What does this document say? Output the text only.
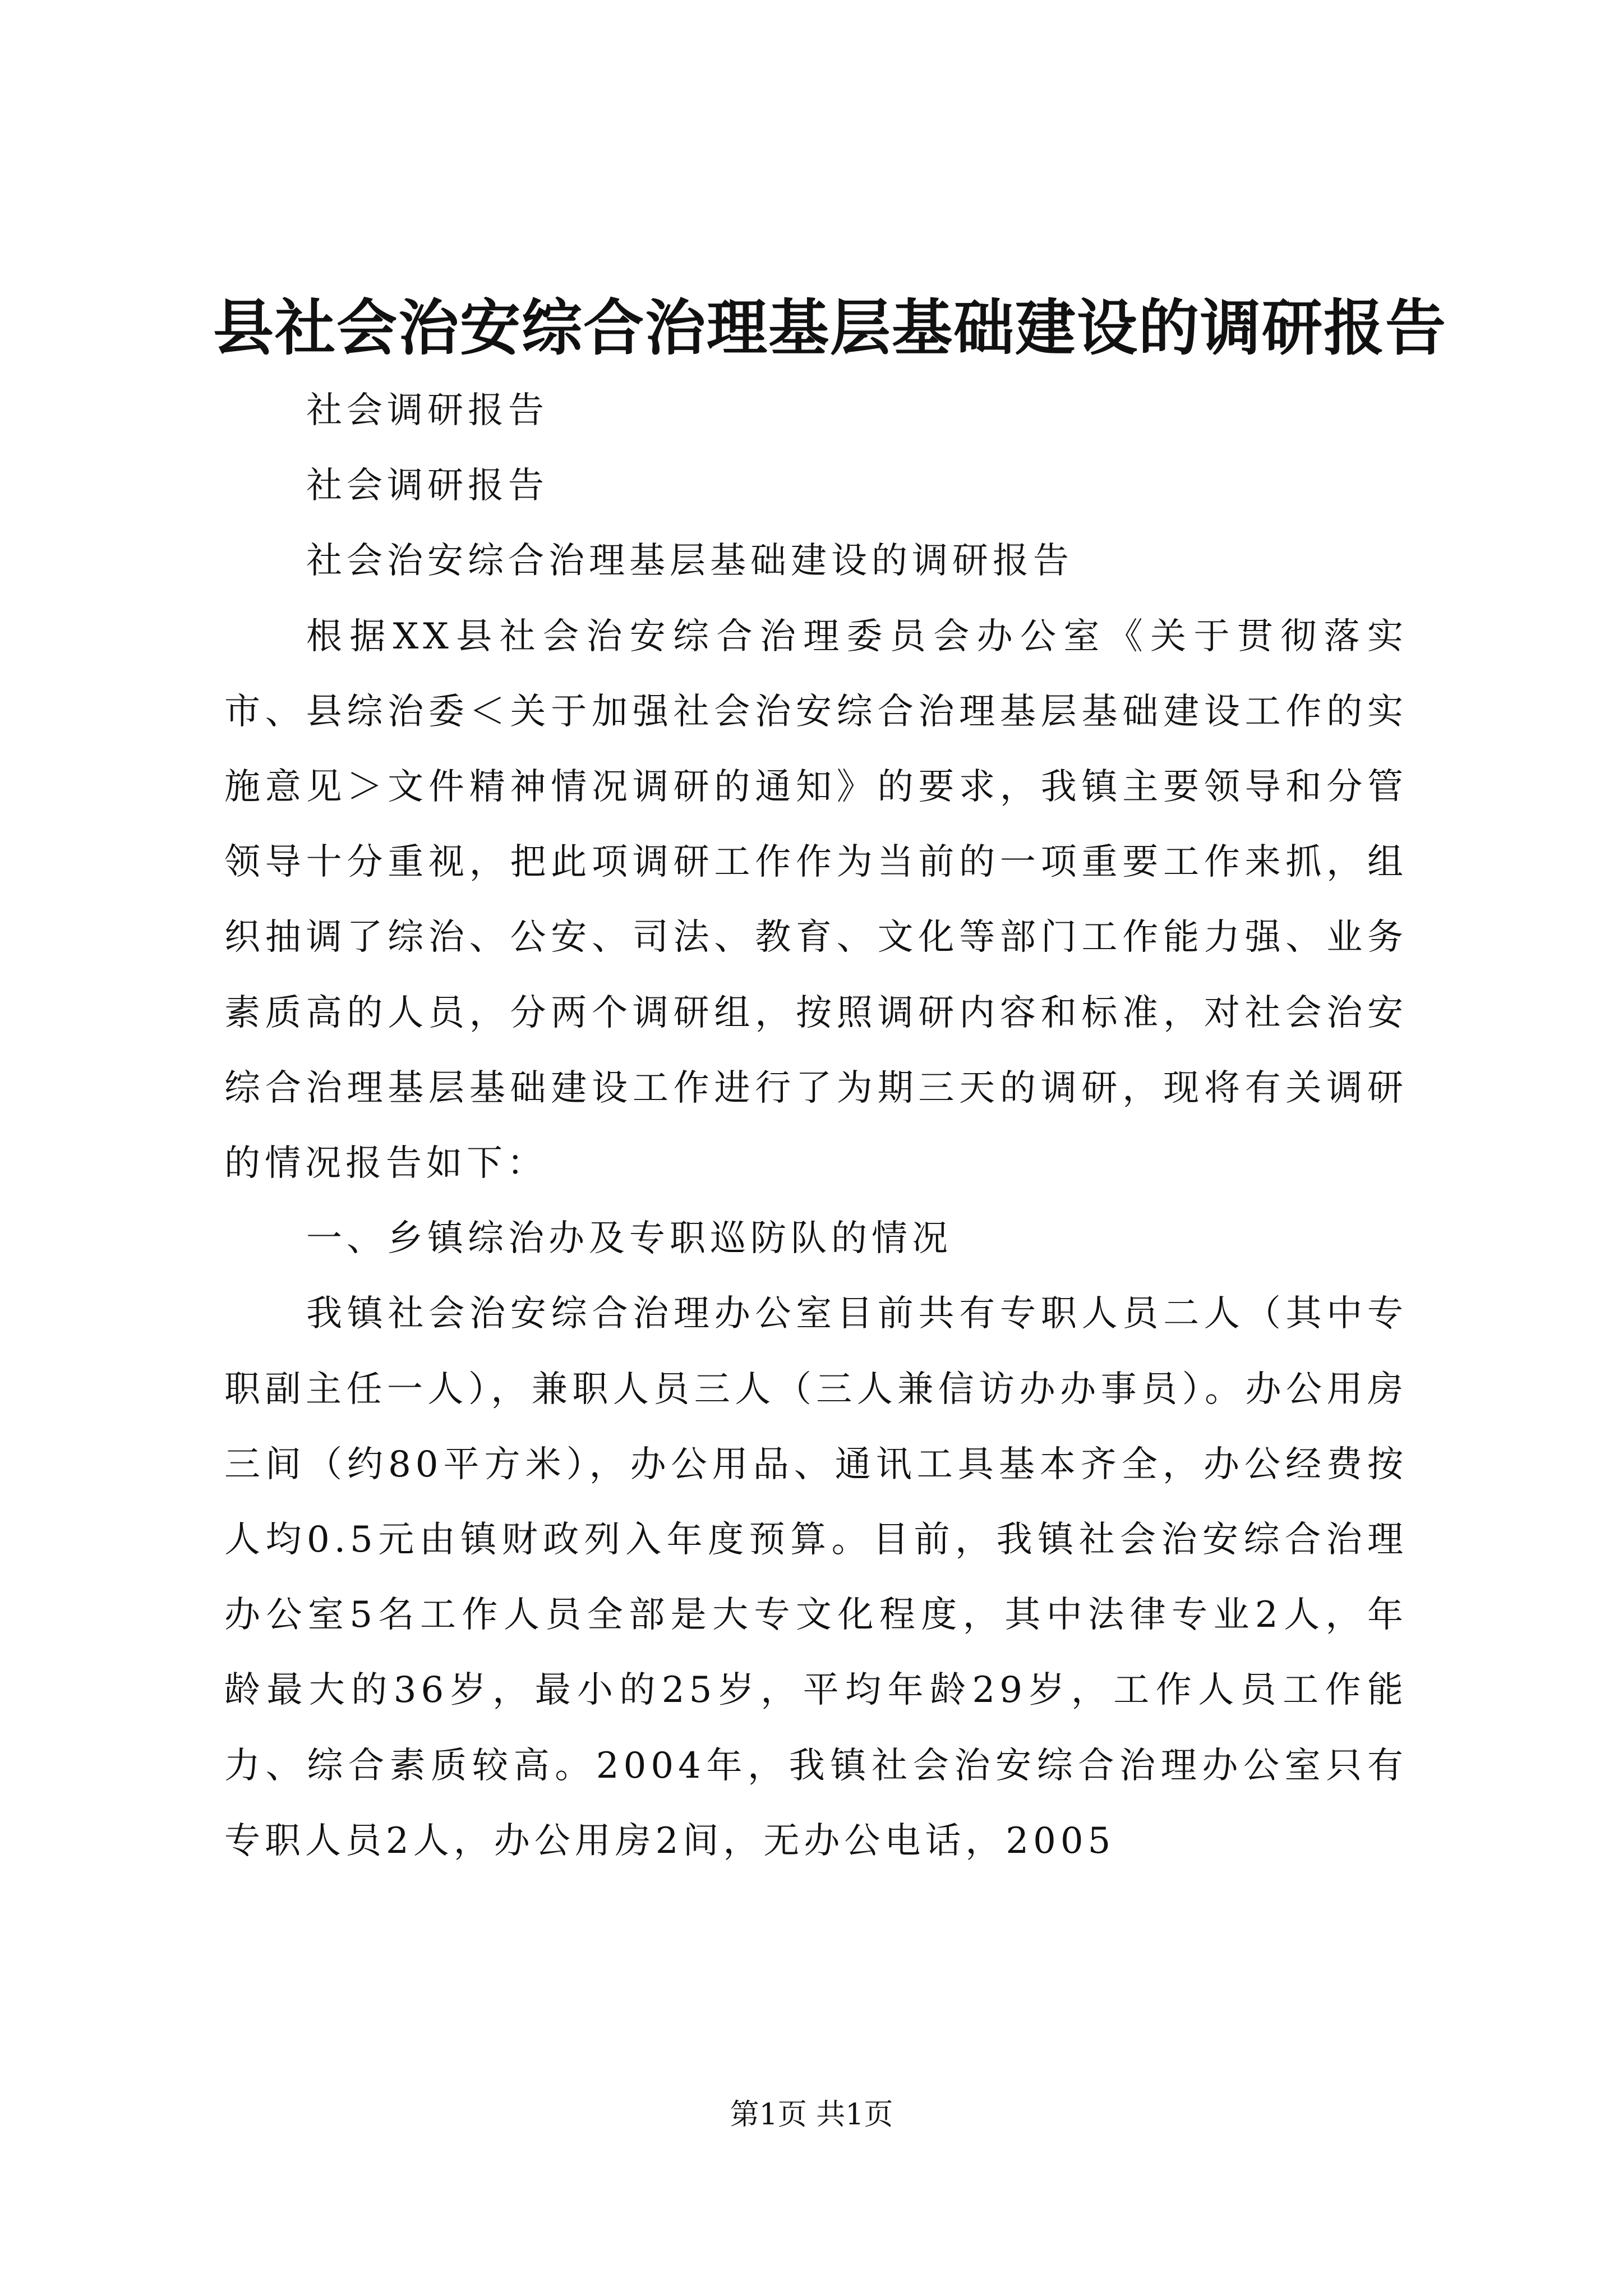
县社会治安综合治理基层基础建设的调研报告

社会调研报告

社会调研报告

社会治安综合治理基层基础建设的调研报告

根据XX县社会治安综合治理委员会办公室《关于贯彻落实市、县综治委＜关于加强社会治安综合治理基层基础建设工作的实施意见＞文件精神情况调研的通知》的要求，我镇主要领导和分管领导十分重视，把此项调研工作作为当前的一项重要工作来抓，组织抽调了综治、公安、司法、教育、文化等部门工作能力强、业务素质高的人员，分两个调研组，按照调研内容和标准，对社会治安综合治理基层基础建设工作进行了为期三天的调研，现将有关调研的情况报告如下：

一、乡镇综治办及专职巡防队的情况

我镇社会治安综合治理办公室目前共有专职人员二人（其中专职副主任一人），兼职人员三人（三人兼信访办办事员）。办公用房三间（约80平方米），办公用品、通讯工具基本齐全，办公经费按人均0.5元由镇财政列入年度预算。目前，我镇社会治安综合治理办公室5名工作人员全部是大专文化程度，其中法律专业2人，年龄最大的36岁，最小的25岁，平均年龄29岁，工作人员工作能力、综合素质较高。2004年，我镇社会治安综合治理办公室只有专职人员2人，办公用房2间，无办公电话，2005

第1页 共1页
